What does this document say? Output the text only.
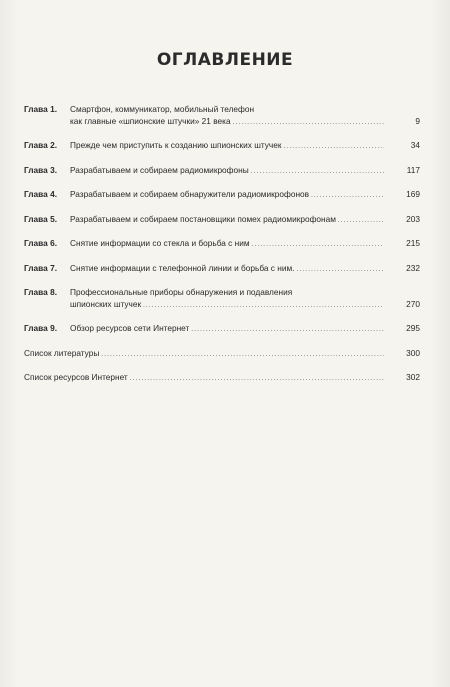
ОГЛАВЛЕНИЕ
Глава 1.	Смартфон, коммуникатор, мобильный телефон
как главные «шпионские штучки» 21 века . . .	9
Глава 2.	Прежде чем приступить к созданию шпионских штучек . . .	34
Глава 3.	Разрабатываем и собираем радиомикрофоны . . .	117
Глава 4.	Разрабатываем и собираем обнаружители радиомикрофонов . . .	169
Глава 5.	Разрабатываем и собираем постановщики помех радиомикрофонам . . .	203
Глава 6.	Снятие информации со стекла и борьба с ним . . .	215
Глава 7.	Снятие информации с телефонной линии и борьба с ним. . . .	232
Глава 8.	Профессиональные приборы обнаружения и подавления
шпионских штучек . . .	270
Глава 9.	Обзор ресурсов сети Интернет . . .	295
Список литературы . . .	300
Список ресурсов Интернет . . .	302
